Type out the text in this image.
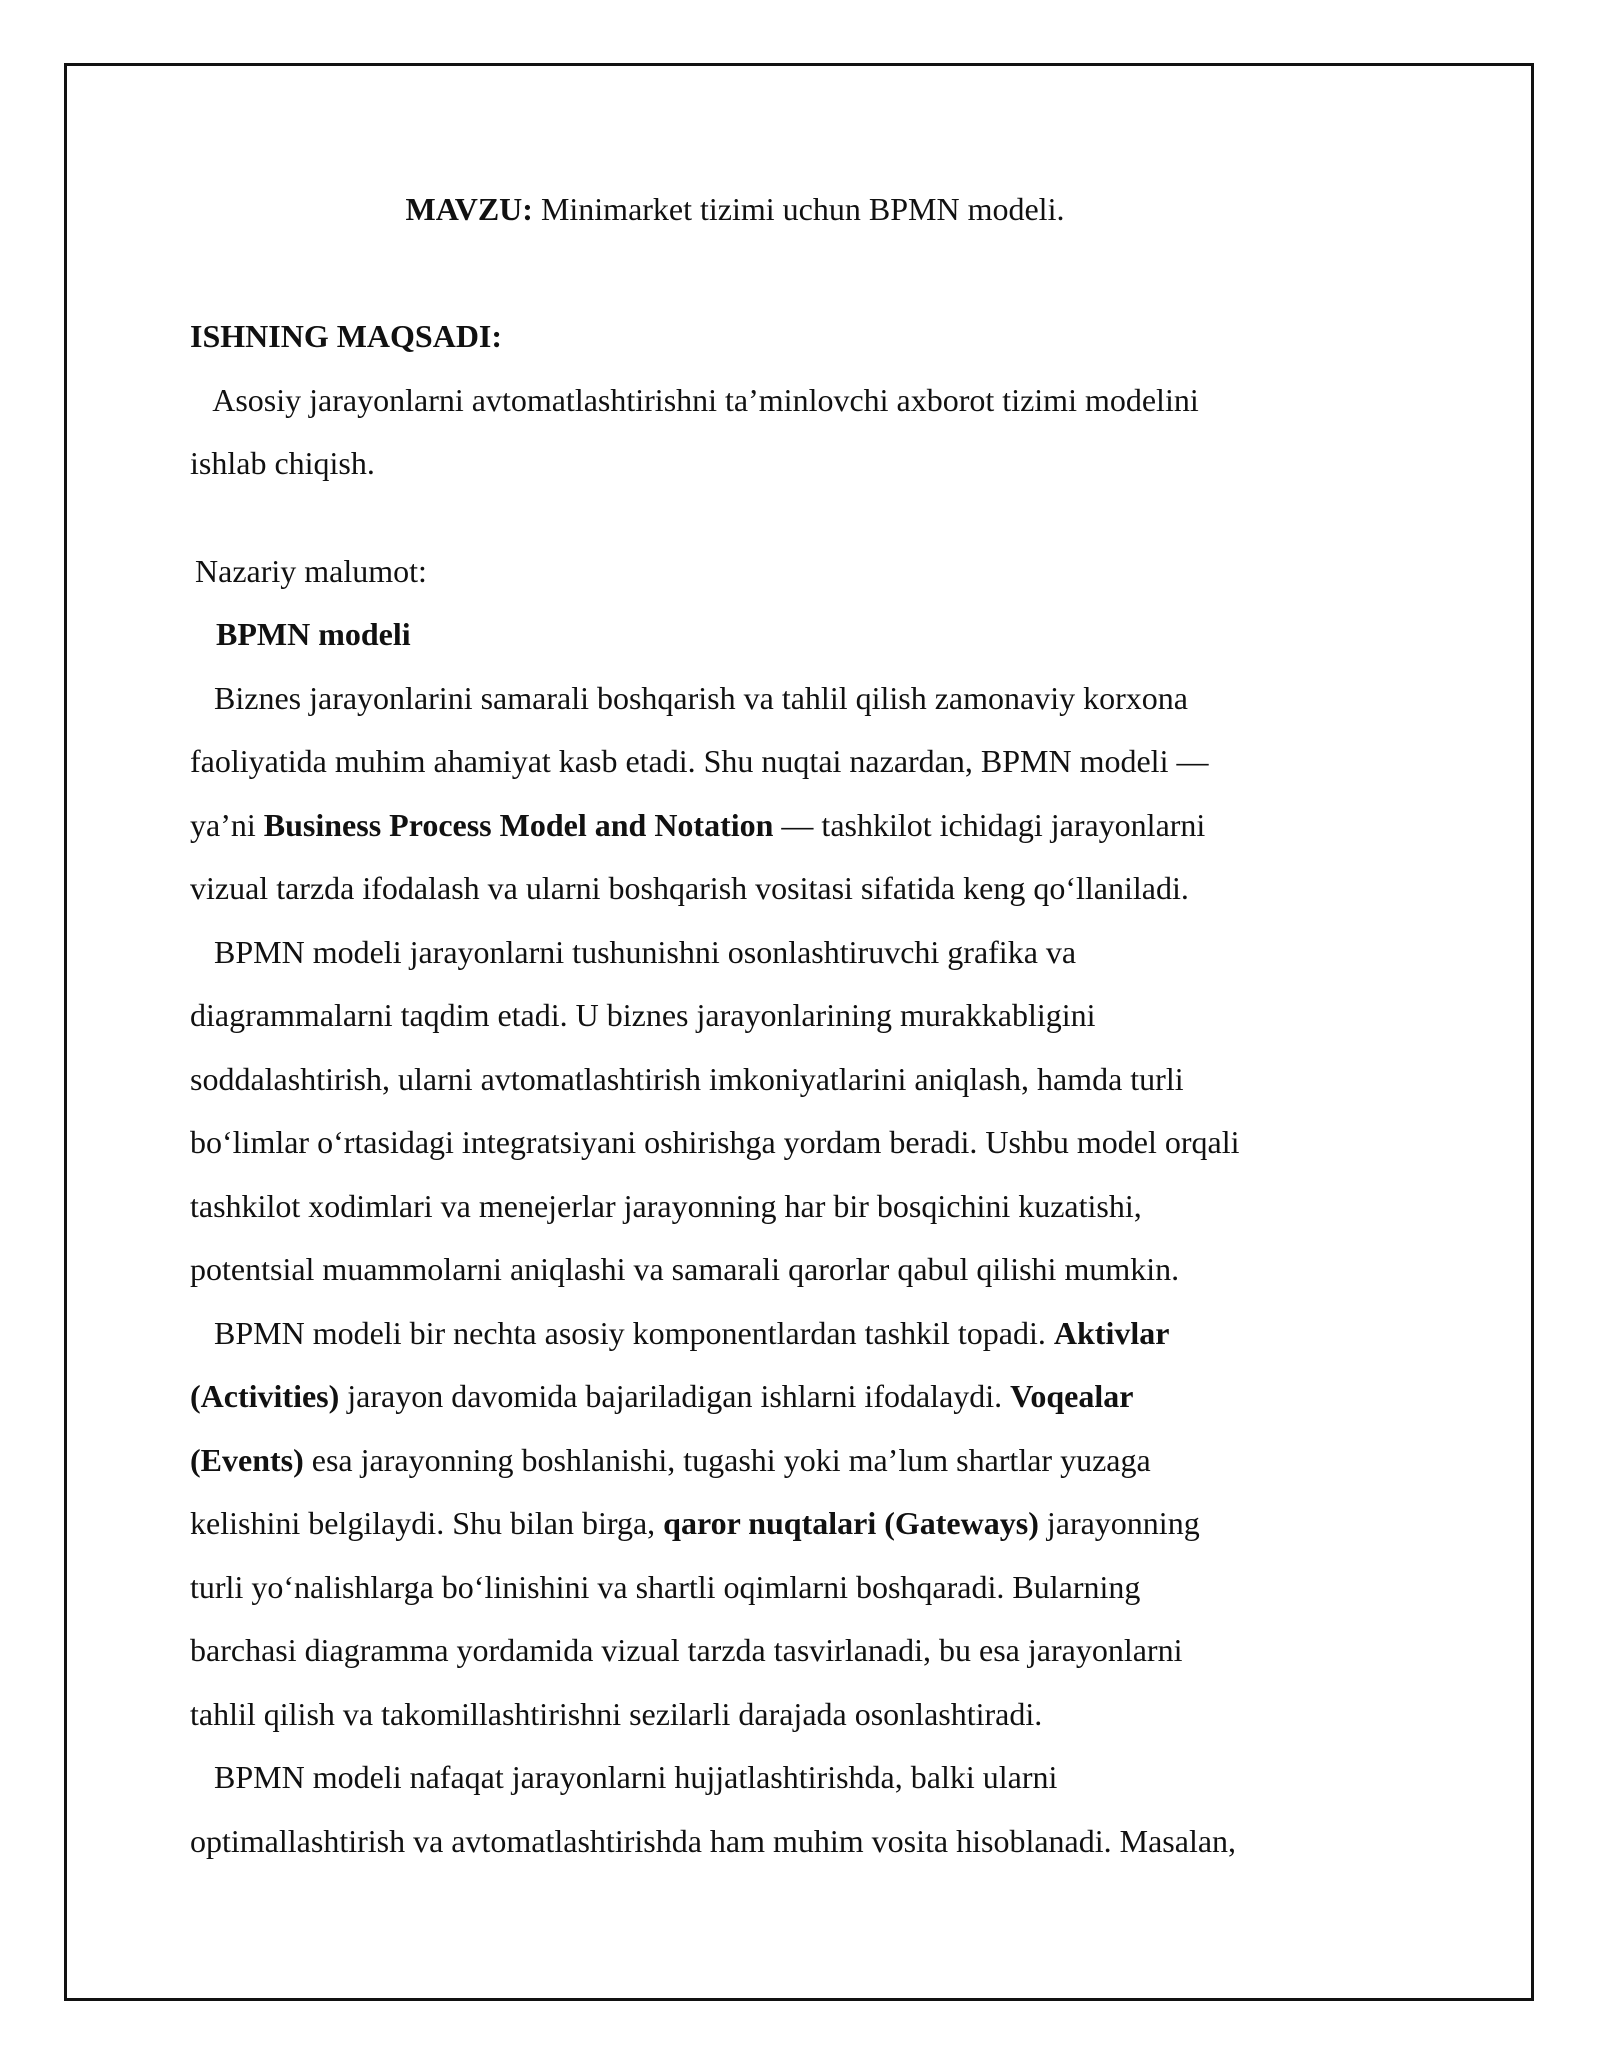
MAVZU: Minimarket tizimi uchun BPMN modeli.
ISHNING MAQSADI:
Asosiy jarayonlarni avtomatlashtirishni ta’minlovchi axborot tizimi modelini
ishlab chiqish.
Nazariy malumot:
BPMN modeli
Biznes jarayonlarini samarali boshqarish va tahlil qilish zamonaviy korxona
faoliyatida muhim ahamiyat kasb etadi. Shu nuqtai nazardan, BPMN modeli —
ya’ni Business Process Model and Notation — tashkilot ichidagi jarayonlarni
vizual tarzda ifodalash va ularni boshqarish vositasi sifatida keng qo‘llaniladi.
BPMN modeli jarayonlarni tushunishni osonlashtiruvchi grafika va
diagrammalarni taqdim etadi. U biznes jarayonlarining murakkabligini
soddalashtirish, ularni avtomatlashtirish imkoniyatlarini aniqlash, hamda turli
bo‘limlar o‘rtasidagi integratsiyani oshirishga yordam beradi. Ushbu model orqali
tashkilot xodimlari va menejerlar jarayonning har bir bosqichini kuzatishi,
potentsial muammolarni aniqlashi va samarali qarorlar qabul qilishi mumkin.
BPMN modeli bir nechta asosiy komponentlardan tashkil topadi. Aktivlar
(Activities) jarayon davomida bajariladigan ishlarni ifodalaydi. Voqealar
(Events) esa jarayonning boshlanishi, tugashi yoki ma’lum shartlar yuzaga
kelishini belgilaydi. Shu bilan birga, qaror nuqtalari (Gateways) jarayonning
turli yo‘nalishlarga bo‘linishini va shartli oqimlarni boshqaradi. Bularning
barchasi diagramma yordamida vizual tarzda tasvirlanadi, bu esa jarayonlarni
tahlil qilish va takomillashtirishni sezilarli darajada osonlashtiradi.
BPMN modeli nafaqat jarayonlarni hujjatlashtirishda, balki ularni
optimallashtirish va avtomatlashtirishda ham muhim vosita hisoblanadi. Masalan,
